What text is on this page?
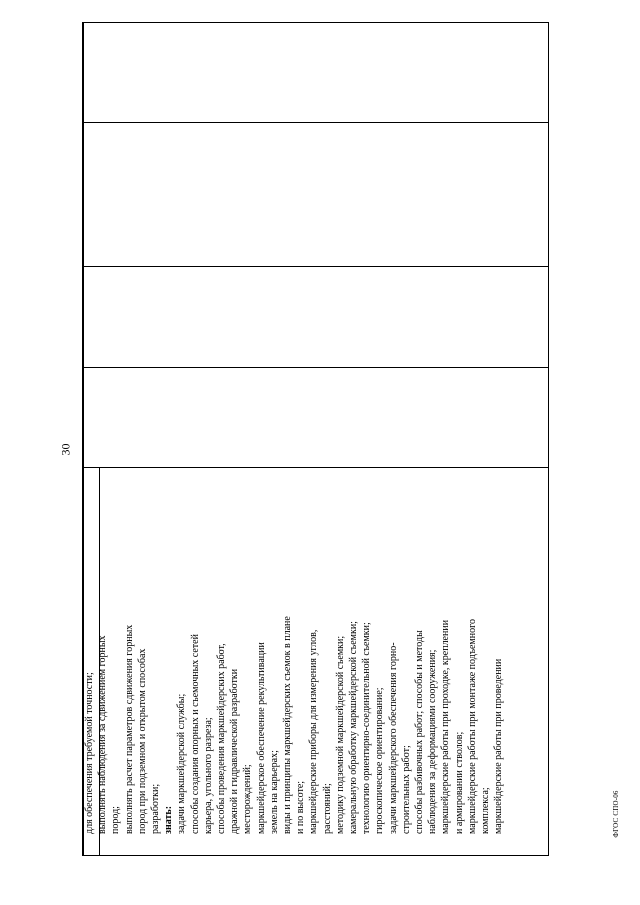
30
для обеспечения требуемой точности; выполнять наблюдения за сдвижением горных пород; выполнять расчет параметров сдвижения горных пород при подземном и открытом способах разработки; знать: задачи маркшейдерской службы; способы создания опорных и съемочных сетей карьера, угольного разреза; способы проведения маркшейдерских работ, дражной и гидравлической разработки месторождений; маркшейдерское обеспечение рекультивации земель на карьерах; виды и принципы маркшейдерских съемок в плане и по высоте; маркшейдерские приборы для измерения углов, расстояний; методику подземной маркшейдерской съемки; камеральную обработку маркшейдерской съемки; технологию ориентирно-соединительной съемки; гироскопическое ориентирование; задачи маркшейдерского обеспечения горно- строительных работ; способы разбивочных работ; способы и методы наблюдения за деформациями сооружения; маркшейдерские работы при проходке, креплении и армировании стволов; маркшейдерские работы при монтаже подъемного комплекса; маркшейдерские работы при проведении	ФГОС СПО-06
